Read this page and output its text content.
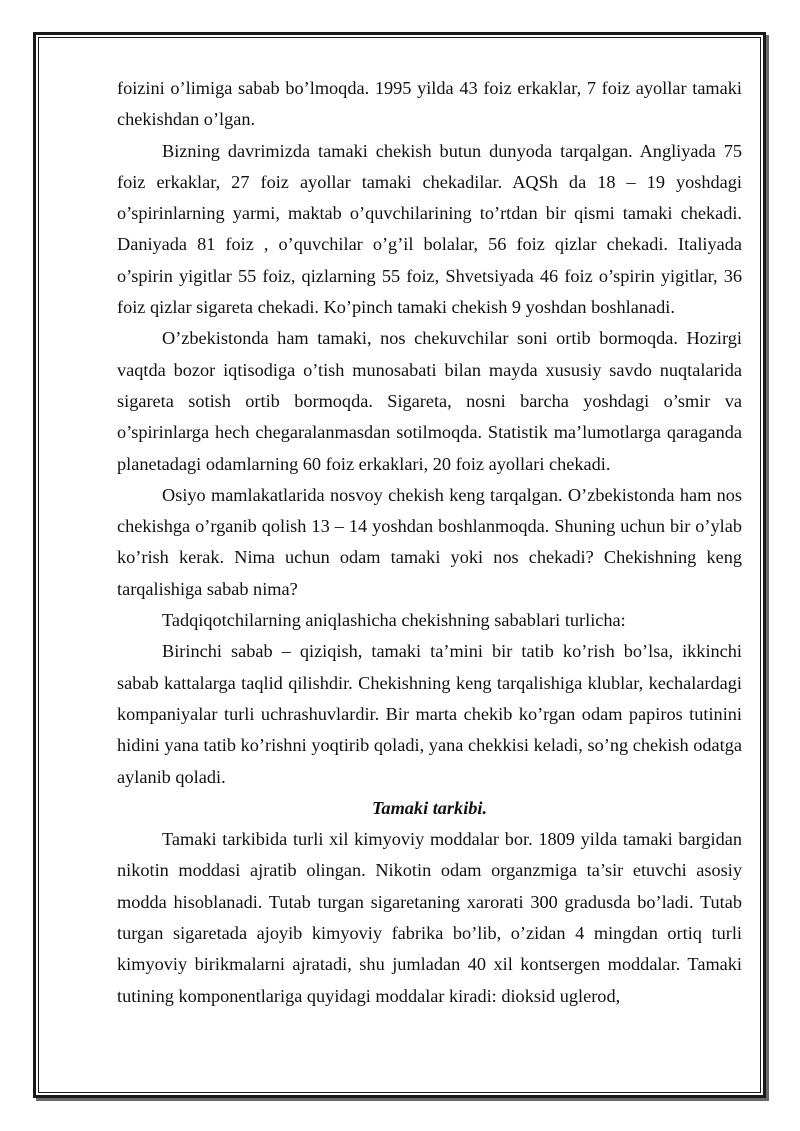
foizini o’limiga sabab bo’lmoqda. 1995 yilda 43 foiz erkaklar, 7 foiz ayollar tamaki chekishdan o’lgan.

Bizning davrimizda tamaki chekish butun dunyoda tarqalgan. Angliyada 75 foiz erkaklar, 27 foiz ayollar tamaki chekadilar. AQSh da 18 – 19 yoshdagi o’spirinlarning yarmi, maktab o’quvchilarining to’rtdan bir qismi tamaki chekadi. Daniyada 81 foiz , o’quvchilar o’g’il bolalar, 56 foiz qizlar chekadi. Italiyada o’spirin yigitlar 55 foiz, qizlarning 55 foiz, Shvetsiyada 46 foiz o’spirin yigitlar, 36 foiz qizlar sigareta chekadi. Ko’pinch tamaki chekish 9 yoshdan boshlanadi.

O’zbekistonda ham tamaki, nos chekuvchilar soni ortib bormoqda. Hozirgi vaqtda bozor iqtisodiga o’tish munosabati bilan mayda xususiy savdo nuqtalarida sigareta sotish ortib bormoqda. Sigareta, nosni barcha yoshdagi o’smir va o’spirinlarga hech chegaralanmasdan sotilmoqda. Statistik ma’lumotlarga qaraganda planetadagi odamlarning 60 foiz erkaklari, 20 foiz ayollari chekadi.

Osiyo mamlakatlarida nosvoy chekish keng tarqalgan. O’zbekistonda ham nos chekishga o’rganib qolish 13 – 14 yoshdan boshlanmoqda. Shuning uchun bir o’ylab ko’rish kerak. Nima uchun odam tamaki yoki nos chekadi? Chekishning keng tarqalishiga sabab nima?

Tadqiqotchilarning aniqlashicha chekishning sabablari turlicha:

Birinchi sabab – qiziqish, tamaki ta’mini bir tatib ko’rish bo’lsa, ikkinchi sabab kattalarga taqlid qilishdir. Chekishning keng tarqalishiga klublar, kechalardagi kompaniyalar turli uchrashuvlardir. Bir marta chekib ko’rgan odam papiros tutinini hidini yana tatib ko’rishni yoqtirib qoladi, yana chekkisi keladi, so’ng chekish odatga aylanib qoladi.

Tamaki tarkibi.

Tamaki tarkibida turli xil kimyoviy moddalar bor. 1809 yilda tamaki bargidan nikotin moddasi ajratib olingan. Nikotin odam organzmiga ta’sir etuvchi asosiy modda hisoblanadi. Tutab turgan sigaretaning xarorati 300 gradusda bo’ladi. Tutab turgan sigaretada ajoyib kimyoviy fabrika bo’lib, o’zidan 4 mingdan ortiq turli kimyoviy birikmalarni ajratadi, shu jumladan 40 xil kontsergen moddalar. Tamaki tutining komponentlariga quyidagi moddalar kiradi: dioksid uglerod,
